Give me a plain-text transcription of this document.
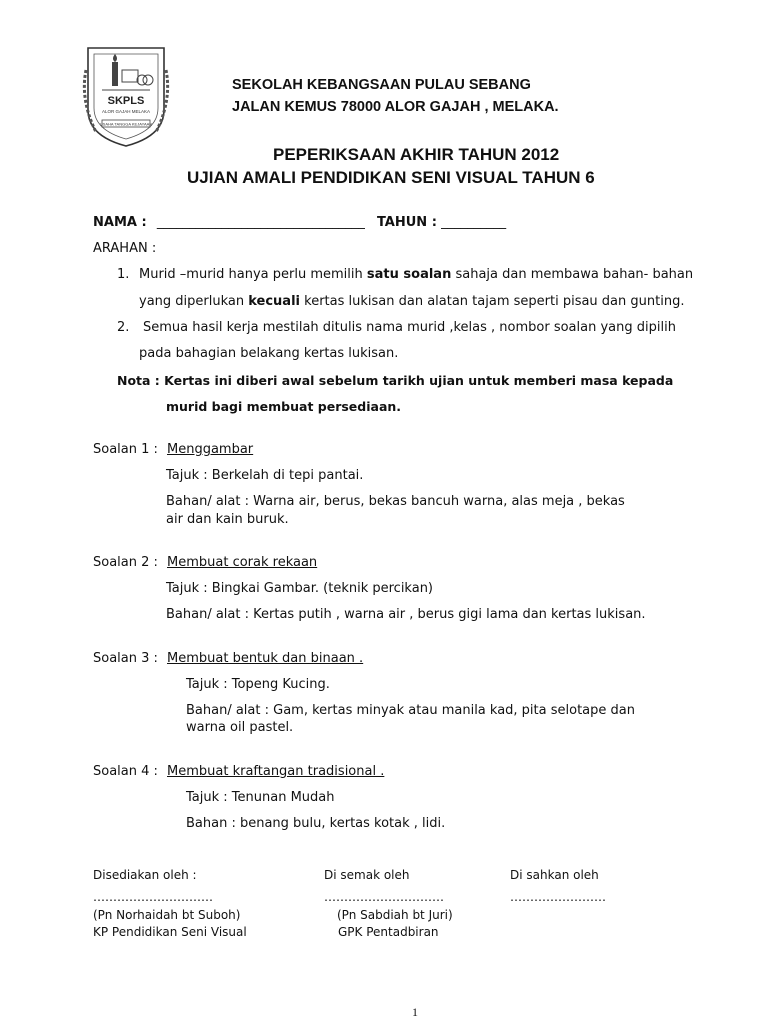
SKPLS
ALOR GAJAH MELAKA
USAHA TANGGA KEJAYAAN
SEKOLAH KEBANGSAAN PULAU SEBANG
JALAN KEMUS 78000 ALOR GAJAH , MELAKA.
PEPERIKSAAN AKHIR TAHUN 2012
UJIAN AMALI PENDIDIKAN SENI VISUAL TAHUN 6
NAMA : ________________________________ TAHUN : __________
ARAHAN :
1. Murid –murid hanya perlu memilih satu soalan sahaja dan membawa bahan- bahan
yang diperlukan kecuali kertas lukisan dan alatan tajam seperti pisau dan gunting.
2. Semua hasil kerja mestilah ditulis nama murid ,kelas , nombor soalan yang dipilih
pada bahagian belakang kertas lukisan.
Nota : Kertas ini diberi awal sebelum tarikh ujian untuk memberi masa kepada
murid bagi membuat persediaan.
Soalan 1 : Menggambar
Tajuk : Berkelah di tepi pantai.
Bahan/ alat : Warna air, berus, bekas bancuh warna, alas meja , bekas
air dan kain buruk.
Soalan 2 : Membuat corak rekaan
Tajuk : Bingkai Gambar. (teknik percikan)
Bahan/ alat : Kertas putih , warna air , berus gigi lama dan kertas lukisan.
Soalan 3 : Membuat bentuk dan binaan .
Tajuk : Topeng Kucing.
Bahan/ alat : Gam, kertas minyak atau manila kad, pita selotape dan
warna oil pastel.
Soalan 4 : Membuat kraftangan tradisional .
Tajuk : Tenunan Mudah
Bahan : benang bulu, kertas kotak , lidi.
Disediakan oleh :
…………………………
(Pn Norhaidah bt Suboh)
KP Pendidikan Seni Visual
Di semak oleh
…………………………
(Pn Sabdiah bt Juri)
GPK Pentadbiran
Di sahkan oleh
……………………
1
